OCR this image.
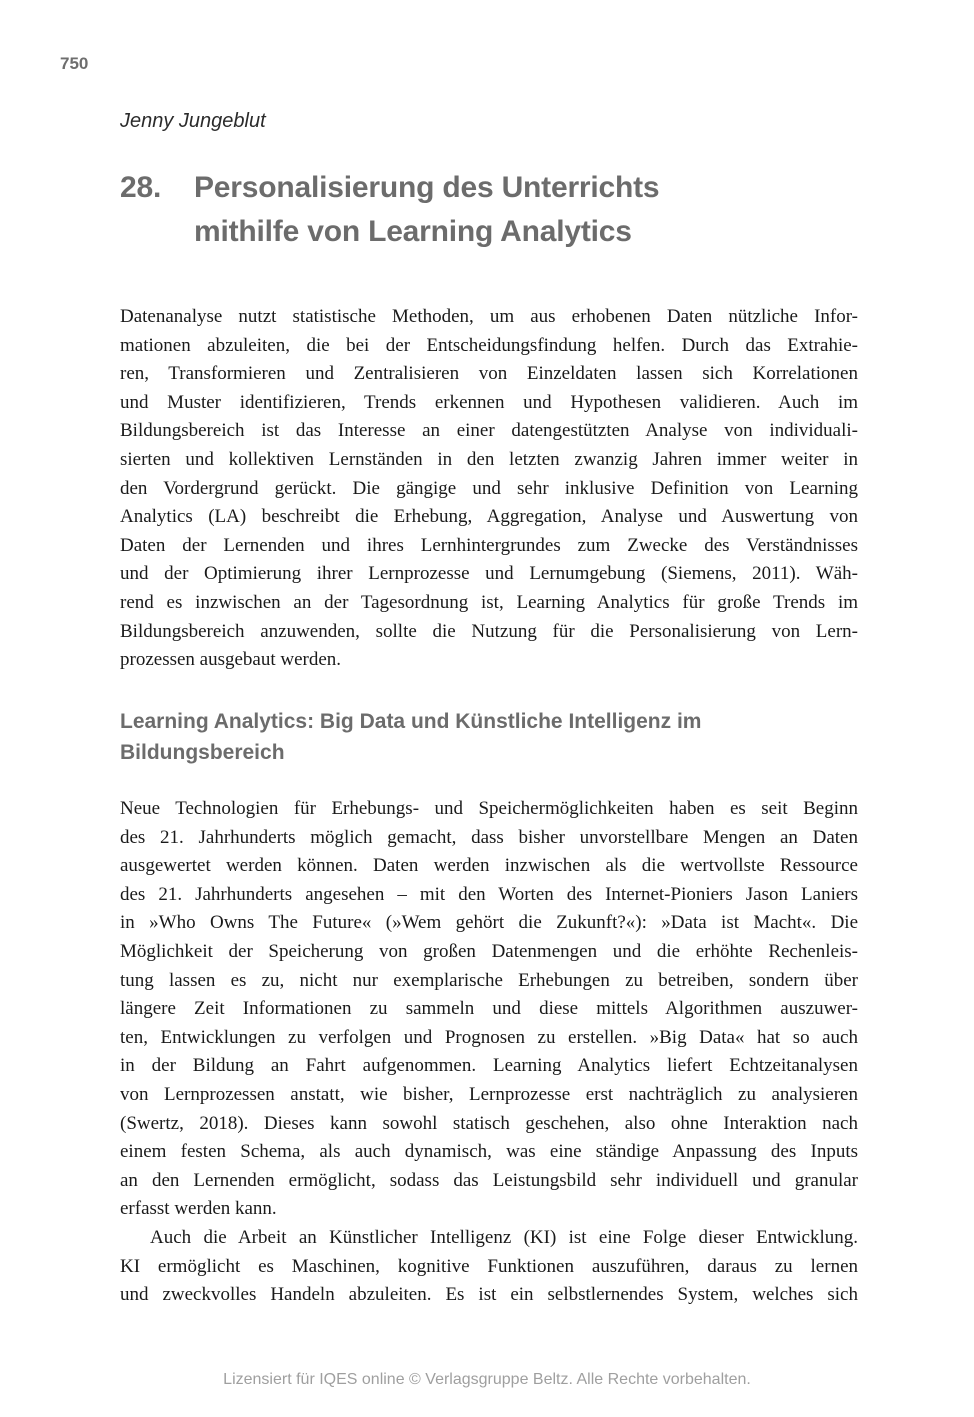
750
Jenny Jungeblut
28.	Personalisierung des Unterrichts
mithilfe von Learning Analytics
Datenanalyse nutzt statistische Methoden, um aus erhobenen Daten nützliche Infor-
mationen abzuleiten, die bei der Entscheidungsfindung helfen. Durch das Extrahie-
ren, Transformieren und Zentralisieren von Einzeldaten lassen sich Korrelationen
und Muster identifizieren, Trends erkennen und Hypothesen validieren. Auch im
Bildungsbereich ist das Interesse an einer datengestützten Analyse von individuali-
sierten und kollektiven Lernständen in den letzten zwanzig Jahren immer weiter in
den Vordergrund gerückt. Die gängige und sehr inklusive Definition von Learning
Analytics (LA) beschreibt die Erhebung, Aggregation, Analyse und Auswertung von
Daten der Lernenden und ihres Lernhintergrundes zum Zwecke des Verständnisses
und der Optimierung ihrer Lernprozesse und Lernumgebung (Siemens, 2011). Wäh-
rend es inzwischen an der Tagesordnung ist, Learning Analytics für große Trends im
Bildungsbereich anzuwenden, sollte die Nutzung für die Personalisierung von Lern-
prozessen ausgebaut werden.
Learning Analytics: Big Data und Künstliche Intelligenz im
Bildungsbereich
Neue Technologien für Erhebungs- und Speichermöglichkeiten haben es seit Beginn
des 21. Jahrhunderts möglich gemacht, dass bisher unvorstellbare Mengen an Daten
ausgewertet werden können. Daten werden inzwischen als die wertvollste Ressource
des 21. Jahrhunderts angesehen – mit den Worten des Internet-Pioniers Jason Laniers
in »Who Owns The Future« (»Wem gehört die Zukunft?«): »Data ist Macht«. Die
Möglichkeit der Speicherung von großen Datenmengen und die erhöhte Rechenleis-
tung lassen es zu, nicht nur exemplarische Erhebungen zu betreiben, sondern über
längere Zeit Informationen zu sammeln und diese mittels Algorithmen auszuwer-
ten, Entwicklungen zu verfolgen und Prognosen zu erstellen. »Big Data« hat so auch
in der Bildung an Fahrt aufgenommen. Learning Analytics liefert Echtzeitanalysen
von Lernprozessen anstatt, wie bisher, Lernprozesse erst nachträglich zu analysieren
(Swertz, 2018). Dieses kann sowohl statisch geschehen, also ohne Interaktion nach
einem festen Schema, als auch dynamisch, was eine ständige Anpassung des Inputs
an den Lernenden ermöglicht, sodass das Leistungsbild sehr individuell und granular
erfasst werden kann.
Auch die Arbeit an Künstlicher Intelligenz (KI) ist eine Folge dieser Entwicklung.
KI ermöglicht es Maschinen, kognitive Funktionen auszuführen, daraus zu lernen
und zweckvolles Handeln abzuleiten. Es ist ein selbstlernendes System, welches sich
Lizensiert für IQES online © Verlagsgruppe Beltz. Alle Rechte vorbehalten.
